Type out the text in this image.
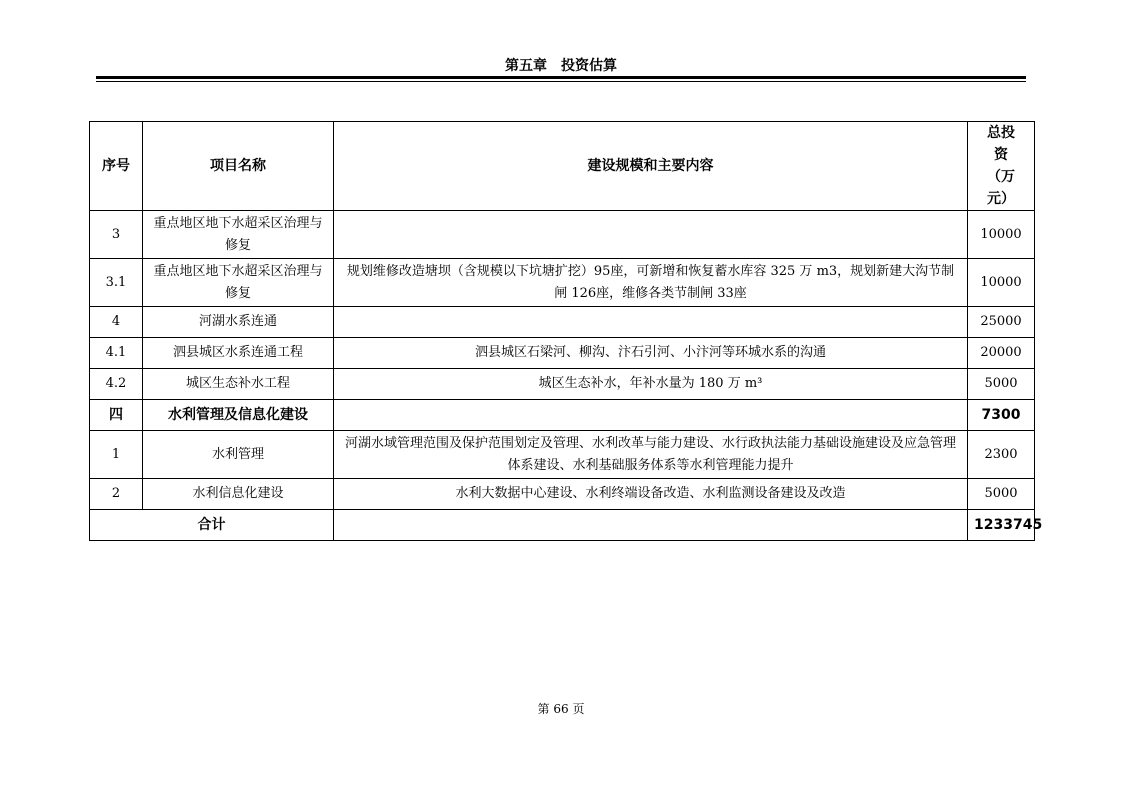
第五章　投资估算
序号	项目名称	建设规模和主要内容	总投资（万元）
3	重点地区地下水超采区治理与修复		10000
3.1	重点地区地下水超采区治理与修复	规划维修改造塘坝（含规模以下坑塘扩挖）95座，可新增和恢复蓄水库容 325 万 m3，规划新建大沟节制闸 126座，维修各类节制闸 33座	10000
4	河湖水系连通		25000
4.1	泗县城区水系连通工程	泗县城区石梁河、柳沟、汴石引河、小汴河等环城水系的沟通	20000
4.2	城区生态补水工程	城区生态补水，年补水量为 180 万 m³	5000
四	水利管理及信息化建设		7300
1	水利管理	河湖水域管理范围及保护范围划定及管理、水利改革与能力建设、水行政执法能力基础设施建设及应急管理体系建设、水利基础服务体系等水利管理能力提升	2300
2	水利信息化建设	水利大数据中心建设、水利终端设备改造、水利监测设备建设及改造	5000
合计			1233745
第 66 页
